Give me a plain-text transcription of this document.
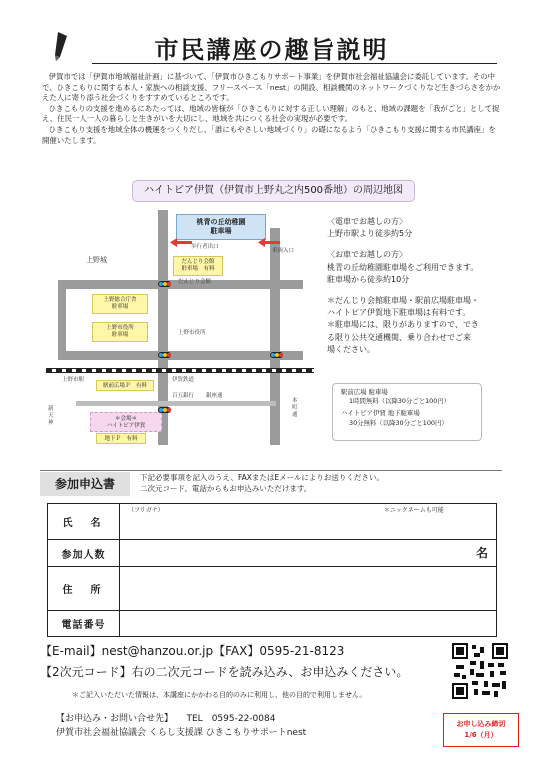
市民講座の趣旨説明

伊賀市では「伊賀市地域福祉計画」に基づいて、「伊賀市ひきこもりサポート事業」を伊賀市社会福祉協議会に委託しています。その中で、ひきこもりに関する本人・家族への相談支援、フリースペース「nest」の開設、相談機関のネットワークづくりなど生きづらさをかかえた人に寄り添う社会づくりをすすめているところです。

ひきこもりの支援を進めるにあたっては、地域の皆様が「ひきこもりに対する正しい理解」のもと、地域の課題を「我がごと」として捉え、住民一人一人の暮らしと生きがいを大切にし、地域を共につくる社会の実現が必要です。

ひきこもり支援を地域全体の機運をつくりだし、「誰にもやさしい地域づくり」の礎になるよう「ひきこもり支援に関する市民講座」を開催いたします。

ハイトピア伊賀（伊賀市上野丸之内500番地）の周辺地図
桃青の丘幼稚園
駐車場
だんじり会館
駐車場　有料
上野総合庁舎
駐車場
上野市役所
駐車場
駅前広場Ｐ　有料
＊会場＊
ハイトピア伊賀
地下Ｐ　有料
上野城
歩行者出口
車両入口
だんじり会館
上野市役所
新天神
上野市駅	伊賀鉄道
銀座通
百五銀行
本町通

〈電車でお越しの方〉

上野市駅より徒歩約5分

〈お車でお越しの方〉

桃青の丘幼稚園駐車場をご利用できます。

駐車場から徒歩約10分

＊だんじり会館駐車場・駅前広場駐車場・

ハイトピア伊賀地下駐車場は有料です。

＊駐車場には、限りがありますので、でき

る限り公共交通機関、乗り合わせでご来

場ください。

駅前広場 駐車場
1時間無料（以降30分ごと100円）
ハイトピア伊賀 地下駐車場
30分無料（以降30分ごと100円）
参加申込書	下記必要事項を記入のうえ、FAXまたはEメールによりお送りください。
二次元コード、電話からもお申込みいただけます。
氏　名
（フリガナ）	＊ニックネームも可能
参加人数	名
住　所
電話番号
【E-mail】nest@hanzou.or.jp【FAX】0595-21-8123
【2次元コード】右の二次元コードを読み込み、お申込みください。
＊ご記入いただいた情報は、本講座にかかわる目的のみに利用し、他の目的で利用しません。
【お申込み・お問い合せ先】　　TEL　0595-22-0084
伊賀市社会福祉協議会 くらし支援課 ひきこもりサポートnest
お申し込み締切
1/6（月）
